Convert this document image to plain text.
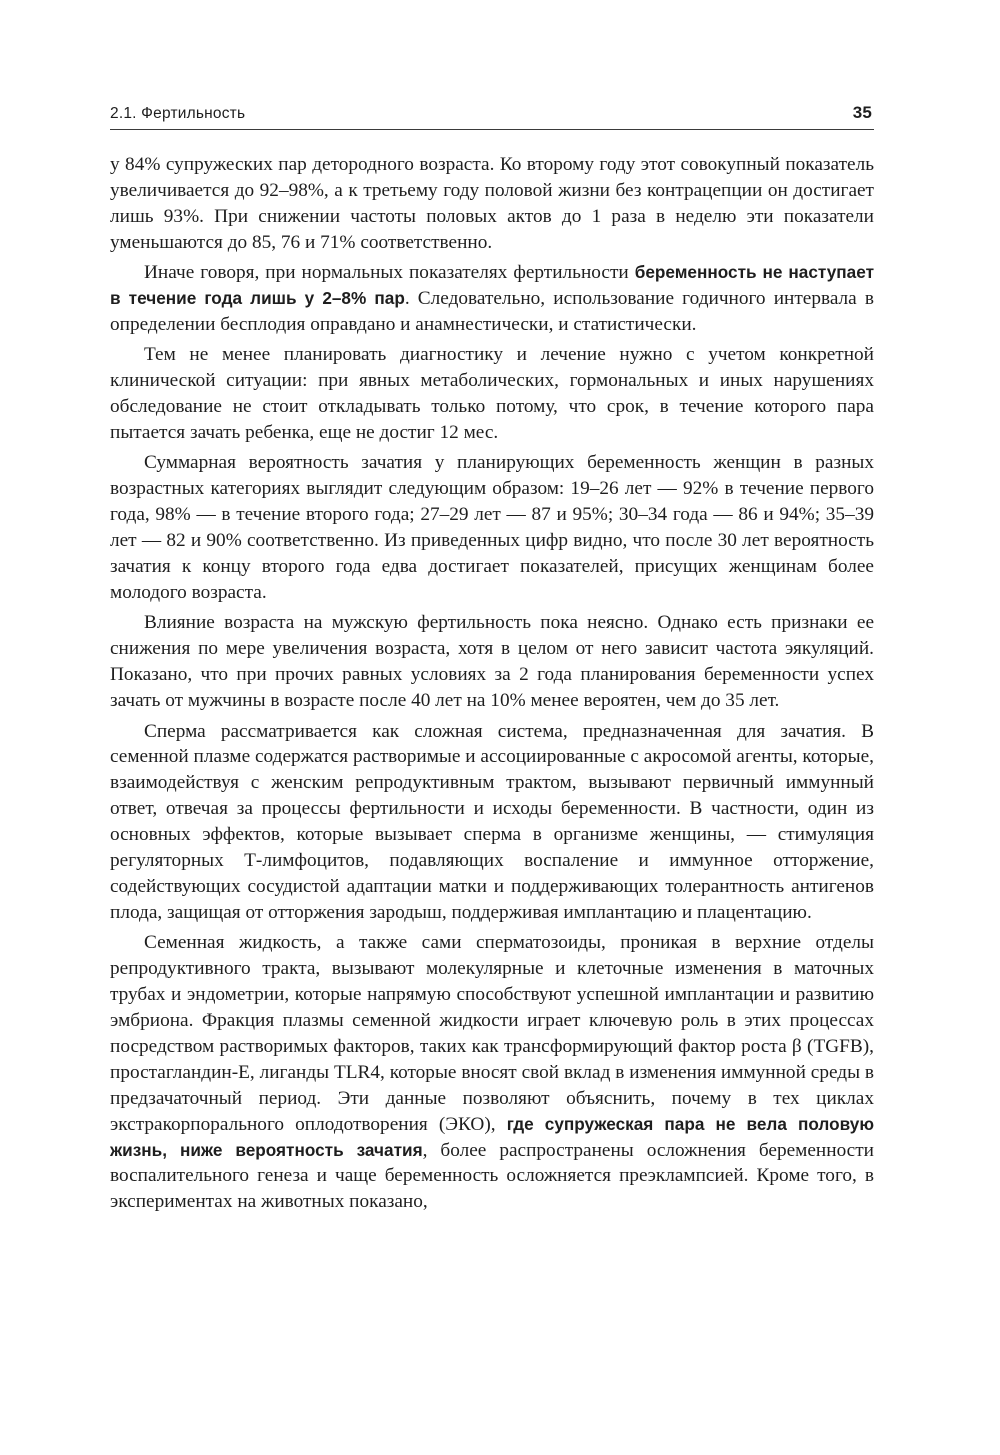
2.1. Фертильность	35

у 84% супружеских пар детородного возраста. Ко второму году этот совокупный показатель увеличивается до 92–98%, а к третьему году половой жизни без контрацепции он достигает лишь 93%. При снижении частоты половых актов до 1 раза в неделю эти показатели уменьшаются до 85, 76 и 71% соответственно.

Иначе говоря, при нормальных показателях фертильности беременность не наступает в течение года лишь у 2–8% пар. Следовательно, использование годичного интервала в определении бесплодия оправдано и анамнестически, и статистически.

Тем не менее планировать диагностику и лечение нужно с учетом конкретной клинической ситуации: при явных метаболических, гормональных и иных нарушениях обследование не стоит откладывать только потому, что срок, в течение которого пара пытается зачать ребенка, еще не достиг 12 мес.

Суммарная вероятность зачатия у планирующих беременность женщин в разных возрастных категориях выглядит следующим образом: 19–26 лет — 92% в течение первого года, 98% — в течение второго года; 27–29 лет — 87 и 95%; 30–34 года — 86 и 94%; 35–39 лет — 82 и 90% соответственно. Из приведенных цифр видно, что после 30 лет вероятность зачатия к концу второго года едва достигает показателей, присущих женщинам более молодого возраста.

Влияние возраста на мужскую фертильность пока неясно. Однако есть признаки ее снижения по мере увеличения возраста, хотя в целом от него зависит частота эякуляций. Показано, что при прочих равных условиях за 2 года планирования беременности успех зачать от мужчины в возрасте после 40 лет на 10% менее вероятен, чем до 35 лет.

Сперма рассматривается как сложная система, предназначенная для зачатия. В семенной плазме содержатся растворимые и ассоциированные с акросомой агенты, которые, взаимодействуя с женским репродуктивным трактом, вызывают первичный иммунный ответ, отвечая за процессы фертильности и исходы беременности. В частности, один из основных эффектов, которые вызывает сперма в организме женщины, — стимуляция регуляторных Т-лимфоцитов, подавляющих воспаление и иммунное отторжение, содействующих сосудистой адаптации матки и поддерживающих толерантность антигенов плода, защищая от отторжения зародыш, поддерживая имплантацию и плацентацию.

Семенная жидкость, а также сами сперматозоиды, проникая в верхние отделы репродуктивного тракта, вызывают молекулярные и клеточные изменения в маточных трубах и эндометрии, которые напрямую способствуют успешной имплантации и развитию эмбриона. Фракция плазмы семенной жидкости играет ключевую роль в этих процессах посредством растворимых факторов, таких как трансформирующий фактор роста β (TGFB), простагландин-Е, лиганды TLR4, которые вносят свой вклад в изменения иммунной среды в предзачаточный период. Эти данные позволяют объяснить, почему в тех циклах экстракорпорального оплодотворения (ЭКО), где супружеская пара не вела половую жизнь, ниже вероятность зачатия, более распространены осложнения беременности воспалительного генеза и чаще беременность осложняется преэклампсией. Кроме того, в экспериментах на животных показано,
